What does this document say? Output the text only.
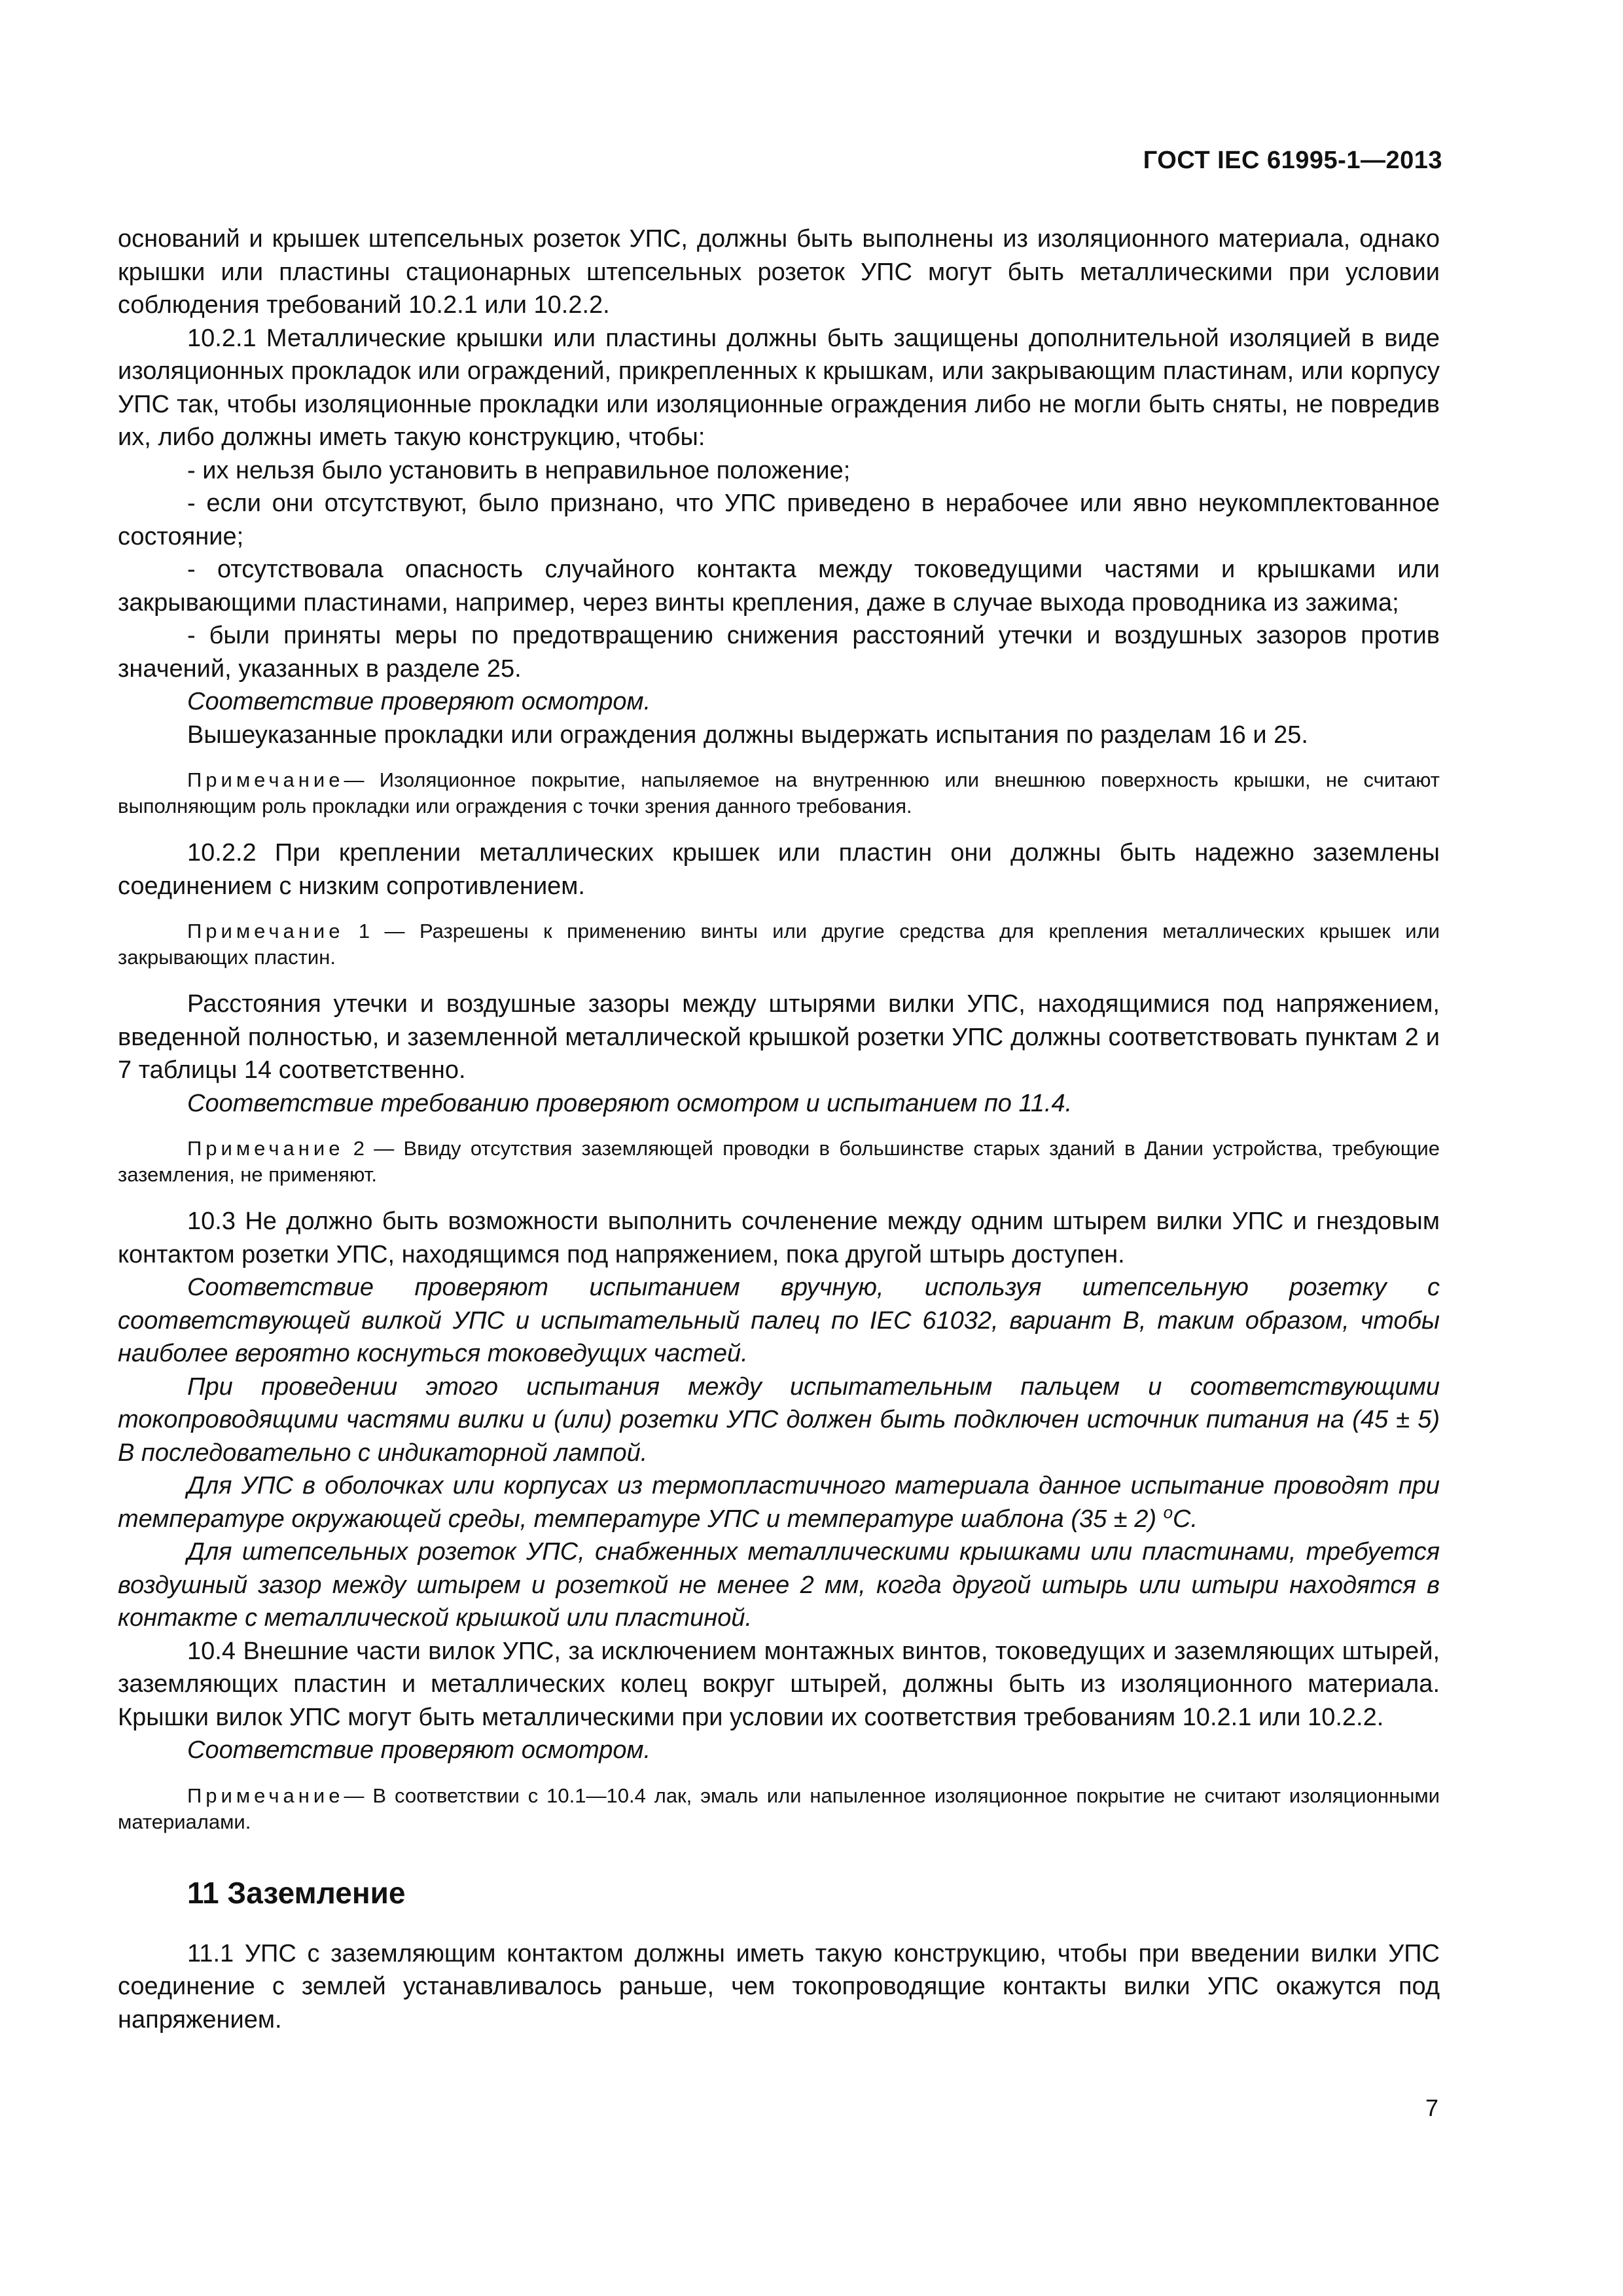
ГОСТ IEC 61995-1—2013

оснований и крышек штепсельных розеток УПС, должны быть выполнены из изоляционного материала, однако крышки или пластины стационарных штепсельных розеток УПС могут быть металлическими при условии соблюдения требований 10.2.1 или 10.2.2.

10.2.1 Металлические крышки или пластины должны быть защищены дополнительной изоляцией в виде изоляционных прокладок или ограждений, прикрепленных к крышкам, или закрывающим пластинам, или корпусу УПС так, чтобы изоляционные прокладки или изоляционные ограждения либо не могли быть сняты, не повредив их, либо должны иметь такую конструкцию, чтобы:

- их нельзя было установить в неправильное положение;

- если они отсутствуют, было признано, что УПС приведено в нерабочее или явно неукомплектованное состояние;

- отсутствовала опасность случайного контакта между токоведущими частями и крышками или закрывающими пластинами, например, через винты крепления, даже в случае выхода проводника из зажима;

- были приняты меры по предотвращению снижения расстояний утечки и воздушных зазоров против значений, указанных в разделе 25.

Соответствие проверяют осмотром.

Вышеуказанные прокладки или ограждения должны выдержать испытания по разделам 16 и 25.

Примечание— Изоляционное покрытие, напыляемое на внутреннюю или внешнюю поверхность крышки, не считают выполняющим роль прокладки или ограждения с точки зрения данного требования.

10.2.2 При креплении металлических крышек или пластин они должны быть надежно заземлены соединением с низким сопротивлением.

Примечание 1 — Разрешены к применению винты или другие средства для крепления металлических крышек или закрывающих пластин.

Расстояния утечки и воздушные зазоры между штырями вилки УПС, находящимися под напряжением, введенной полностью, и заземленной металлической крышкой розетки УПС должны соответствовать пунктам 2 и 7 таблицы 14 соответственно.

Соответствие требованию проверяют осмотром и испытанием по 11.4.

Примечание 2 — Ввиду отсутствия заземляющей проводки в большинстве старых зданий в Дании устройства, требующие заземления, не применяют.

10.3 Не должно быть возможности выполнить сочленение между одним штырем вилки УПС и гнездовым контактом розетки УПС, находящимся под напряжением, пока другой штырь доступен.

Соответствие проверяют испытанием вручную, используя штепсельную розетку с соответствующей вилкой УПС и испытательный палец по IEC 61032, вариант В, таким образом, чтобы наиболее вероятно коснуться токоведущих частей.

При проведении этого испытания между испытательным пальцем и соответствующими токопроводящими частями вилки и (или) розетки УПС должен быть подключен источник питания на (45 ± 5) В последовательно с индикаторной лампой.

Для УПС в оболочках или корпусах из термопластичного материала данное испытание проводят при температуре окружающей среды, температуре УПС и температуре шаблона (35 ± 2) $^о$С.

Для штепсельных розеток УПС, снабженных металлическими крышками или пластинами, требуется воздушный зазор между штырем и розеткой не менее 2 мм, когда другой штырь или штыри находятся в контакте с металлической крышкой или пластиной.

10.4 Внешние части вилок УПС, за исключением монтажных винтов, токоведущих и заземляющих штырей, заземляющих пластин и металлических колец вокруг штырей, должны быть из изоляционного материала. Крышки вилок УПС могут быть металлическими при условии их соответствия требованиям 10.2.1 или 10.2.2.

Соответствие проверяют осмотром.

Примечание— В соответствии с 10.1—10.4 лак, эмаль или напыленное изоляционное покрытие не считают изоляционными материалами.

11 Заземление

11.1 УПС с заземляющим контактом должны иметь такую конструкцию, чтобы при введении вилки УПС соединение с землей устанавливалось раньше, чем токопроводящие контакты вилки УПС окажутся под напряжением.

7
